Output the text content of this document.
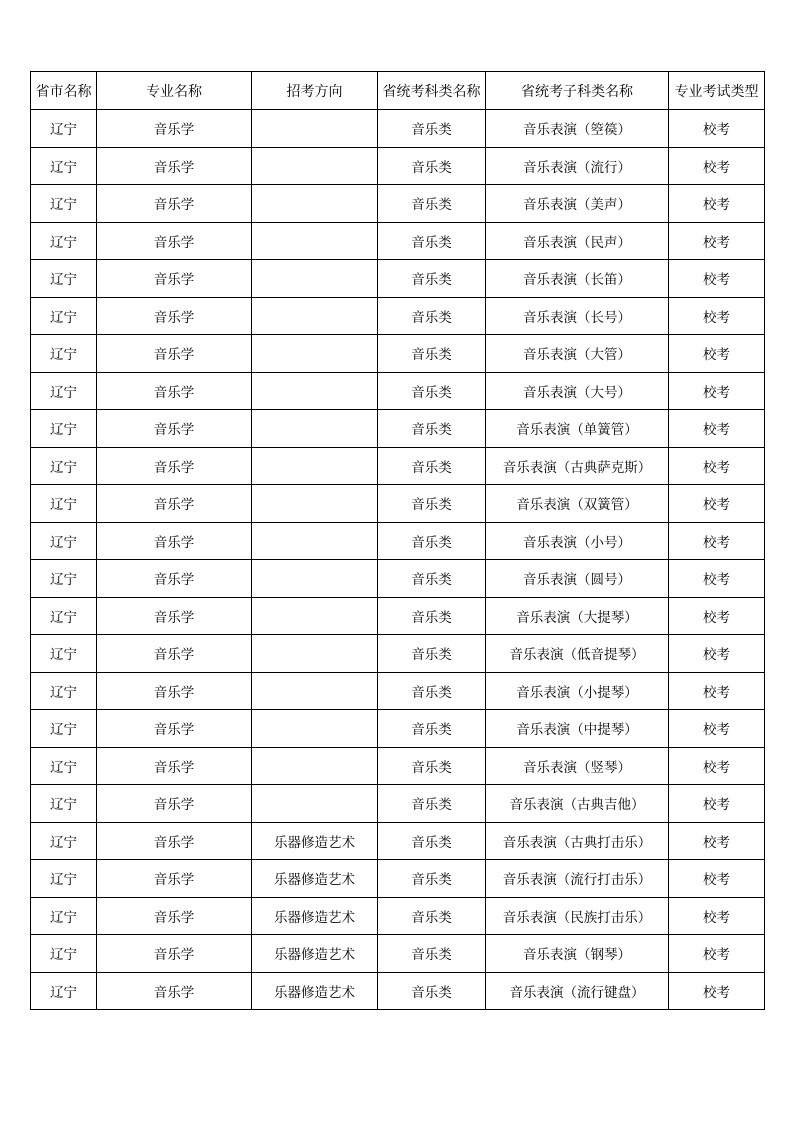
省市名称	专业名称	招考方向	省统考科类名称	省统考子科类名称	专业考试类型
辽宁	音乐学		音乐类	音乐表演（箜篌）	校考
辽宁	音乐学		音乐类	音乐表演（流行）	校考
辽宁	音乐学		音乐类	音乐表演（美声）	校考
辽宁	音乐学		音乐类	音乐表演（民声）	校考
辽宁	音乐学		音乐类	音乐表演（长笛）	校考
辽宁	音乐学		音乐类	音乐表演（长号）	校考
辽宁	音乐学		音乐类	音乐表演（大管）	校考
辽宁	音乐学		音乐类	音乐表演（大号）	校考
辽宁	音乐学		音乐类	音乐表演（单簧管）	校考
辽宁	音乐学		音乐类	音乐表演（古典萨克斯）	校考
辽宁	音乐学		音乐类	音乐表演（双簧管）	校考
辽宁	音乐学		音乐类	音乐表演（小号）	校考
辽宁	音乐学		音乐类	音乐表演（圆号）	校考
辽宁	音乐学		音乐类	音乐表演（大提琴）	校考
辽宁	音乐学		音乐类	音乐表演（低音提琴）	校考
辽宁	音乐学		音乐类	音乐表演（小提琴）	校考
辽宁	音乐学		音乐类	音乐表演（中提琴）	校考
辽宁	音乐学		音乐类	音乐表演（竖琴）	校考
辽宁	音乐学		音乐类	音乐表演（古典吉他）	校考
辽宁	音乐学	乐器修造艺术	音乐类	音乐表演（古典打击乐）	校考
辽宁	音乐学	乐器修造艺术	音乐类	音乐表演（流行打击乐）	校考
辽宁	音乐学	乐器修造艺术	音乐类	音乐表演（民族打击乐）	校考
辽宁	音乐学	乐器修造艺术	音乐类	音乐表演（钢琴）	校考
辽宁	音乐学	乐器修造艺术	音乐类	音乐表演（流行键盘）	校考
